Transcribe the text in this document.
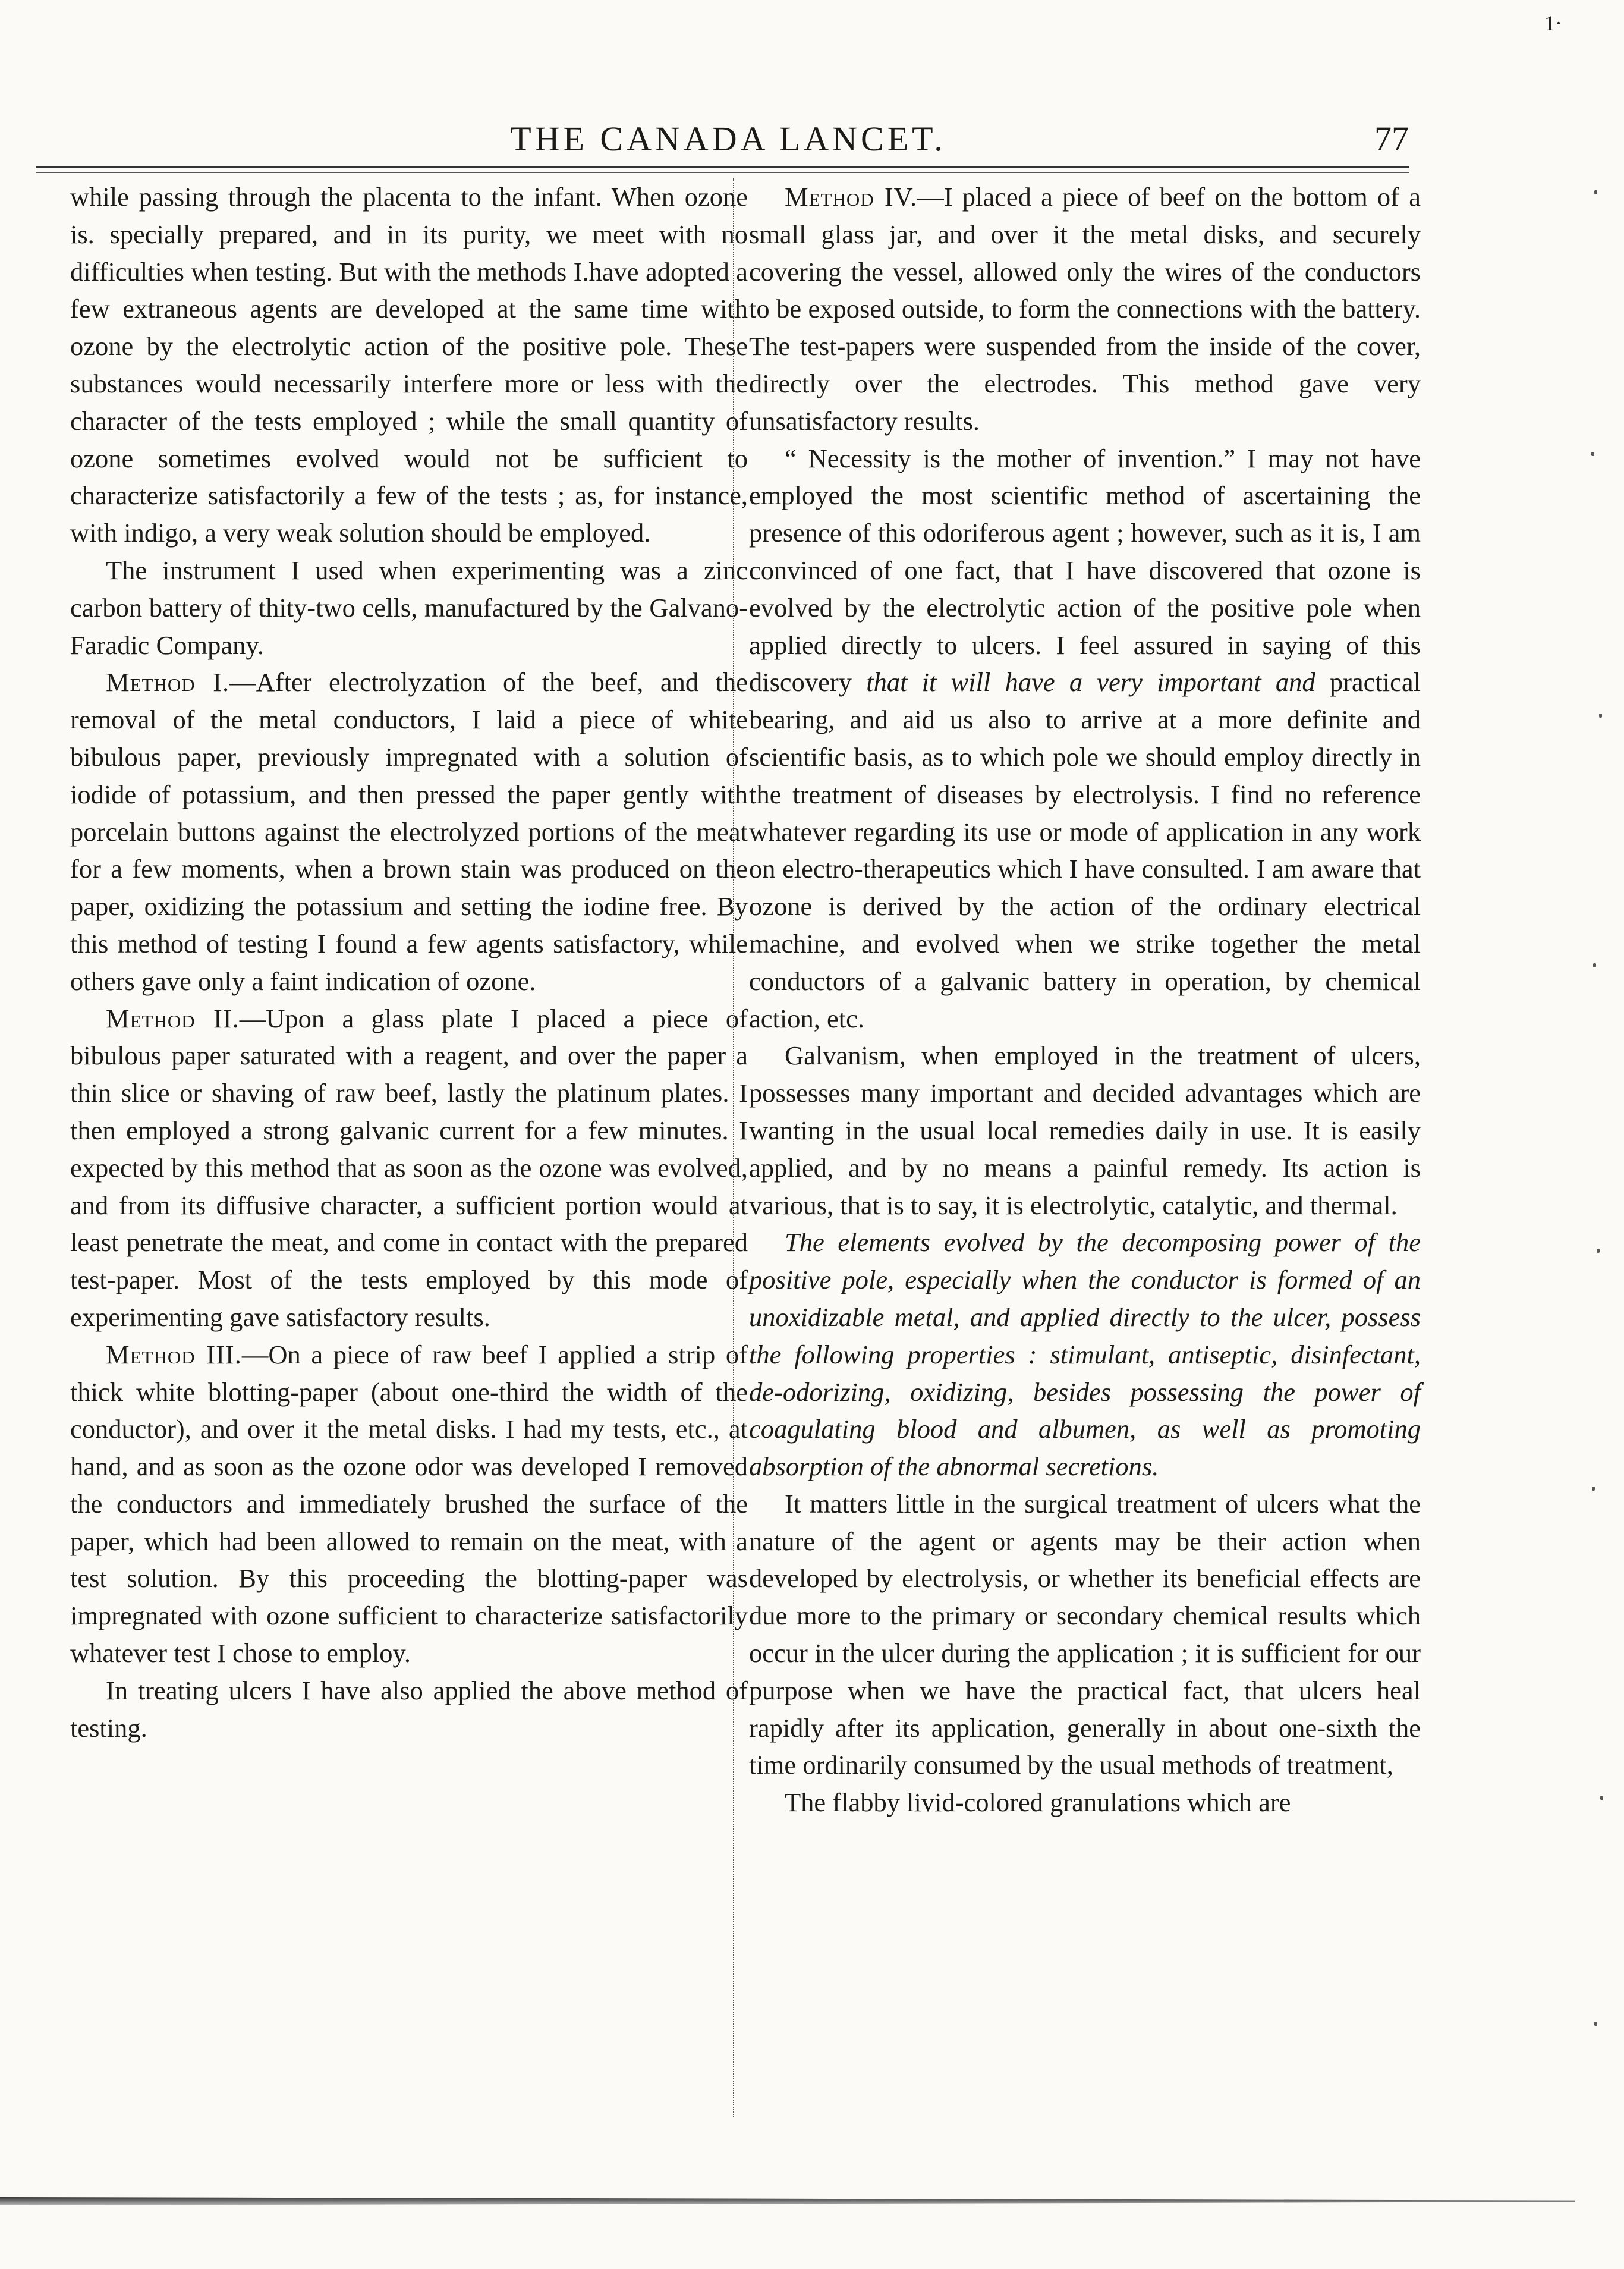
1·
THE CANADA LANCET.	77

while passing through the placenta to the infant. When ozone is. specially prepared, and in its purity, we meet with no difficulties when testing. But with the methods I.have adopted a few extraneous agents are developed at the same time with ozone by the electrolytic action of the positive pole. These substances would necessarily interfere more or less with the character of the tests employed ; while the small quantity of ozone sometimes evolved would not be sufficient to characterize satisfactorily a few of the tests ; as, for instance, with indigo, a very weak solution should be employed.

The instrument I used when experimenting was a zinc carbon battery of thity-two cells, manufactured by the Galvano-Faradic Company.

Method I.—After electrolyzation of the beef, and the removal of the metal conductors, I laid a piece of white bibulous paper, previously impregnated with a solution of iodide of potassium, and then pressed the paper gently with porcelain buttons against the electrolyzed portions of the meat for a few moments, when a brown stain was produced on the paper, oxidizing the potassium and setting the iodine free. By this method of testing I found a few agents satisfactory, while others gave only a faint indication of ozone.

Method II.—Upon a glass plate I placed a piece of bibulous paper saturated with a reagent, and over the paper a thin slice or shaving of raw beef, lastly the platinum plates. I then employed a strong galvanic current for a few minutes. I expected by this method that as soon as the ozone was evolved, and from its diffusive character, a sufficient portion would at least penetrate the meat, and come in contact with the prepared test-paper. Most of the tests employed by this mode of experimenting gave satisfactory results.

Method III.—On a piece of raw beef I applied a strip of thick white blotting-paper (about one-third the width of the conductor), and over it the metal disks. I had my tests, etc., at hand, and as soon as the ozone odor was developed I removed the conductors and immediately brushed the surface of the paper, which had been allowed to remain on the meat, with a test solution. By this proceeding the blotting-paper was impregnated with ozone sufficient to characterize satisfactorily whatever test I chose to employ.

In treating ulcers I have also applied the above method of testing.

Method IV.—I placed a piece of beef on the bottom of a small glass jar, and over it the metal disks, and securely covering the vessel, allowed only the wires of the conductors to be exposed outside, to form the connections with the battery. The test-papers were suspended from the inside of the cover, directly over the electrodes. This method gave very unsatisfactory results.

“ Necessity is the mother of invention.” I may not have employed the most scientific method of ascertaining the presence of this odoriferous agent ; however, such as it is, I am convinced of one fact, that I have discovered that ozone is evolved by the electrolytic action of the positive pole when applied directly to ulcers. I feel assured in saying of this discovery that it will have a very important and practical bearing, and aid us also to arrive at a more definite and scientific basis, as to which pole we should employ directly in the treatment of diseases by electrolysis. I find no reference whatever regarding its use or mode of application in any work on electro-therapeutics which I have consulted. I am aware that ozone is derived by the action of the ordinary electrical machine, and evolved when we strike together the metal conductors of a galvanic battery in operation, by chemical action, etc.

Galvanism, when employed in the treatment of ulcers, possesses many important and decided advantages which are wanting in the usual local remedies daily in use. It is easily applied, and by no means a painful remedy. Its action is various, that is to say, it is electrolytic, catalytic, and thermal.

The elements evolved by the decomposing power of the positive pole, especially when the conductor is formed of an unoxidizable metal, and applied directly to the ulcer, possess the following properties : stimulant, antiseptic, disinfectant, de-odorizing, oxidizing, besides possessing the power of coagulating blood and albumen, as well as promoting absorption of the abnormal secretions.

It matters little in the surgical treatment of ulcers what the nature of the agent or agents may be their action when developed by electrolysis, or whether its beneficial effects are due more to the primary or secondary chemical results which occur in the ulcer during the application ; it is sufficient for our purpose when we have the practical fact, that ulcers heal rapidly after its application, generally in about one-sixth the time ordinarily consumed by the usual methods of treatment,

The flabby livid-colored granulations which are
